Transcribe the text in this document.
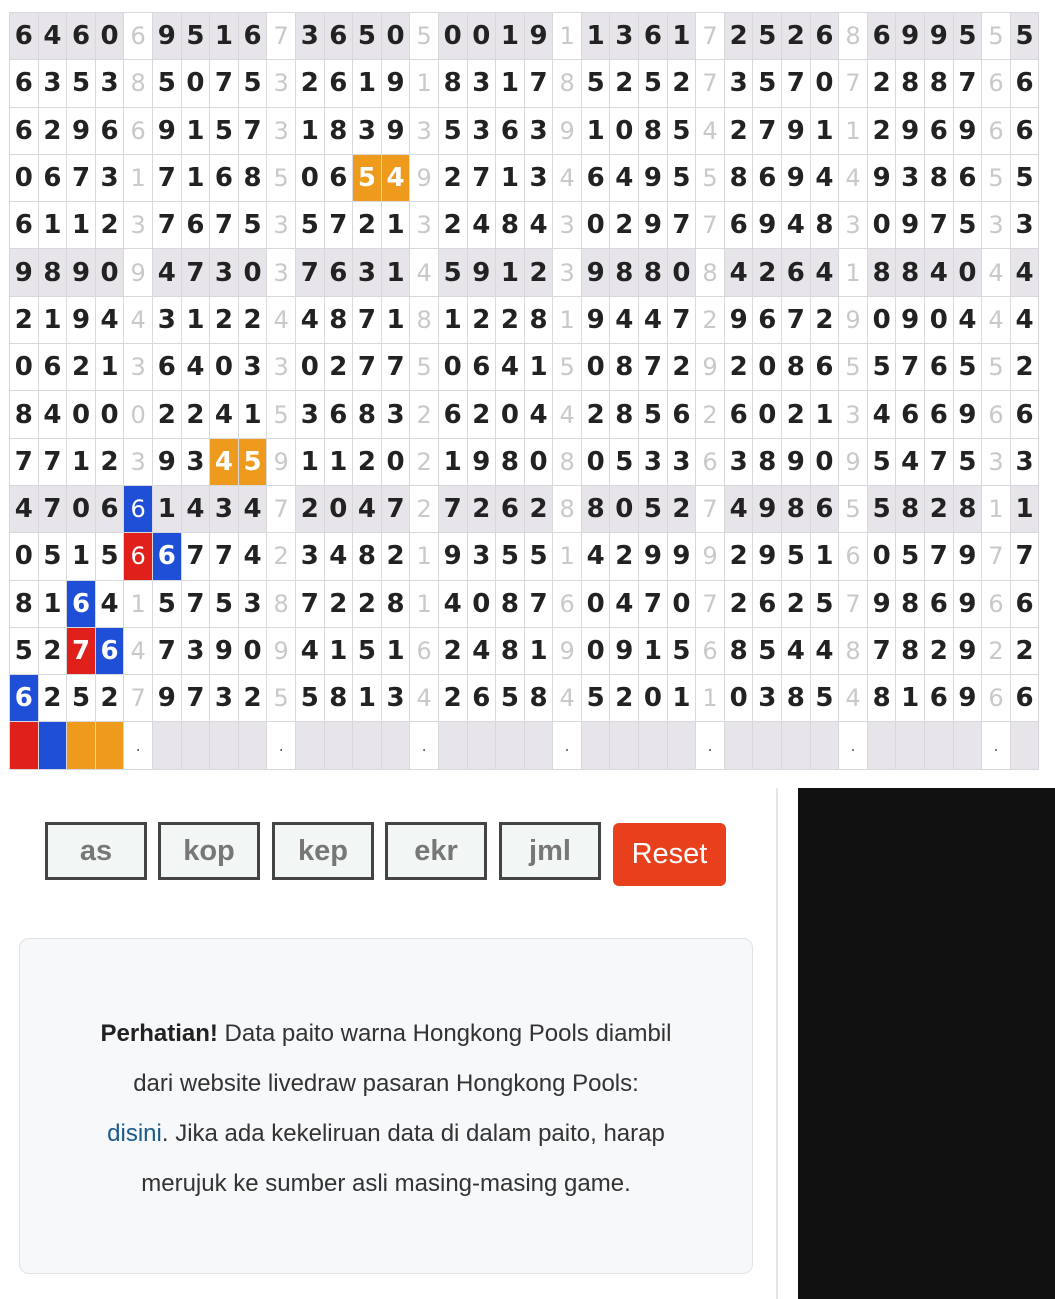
6	4	6	0	6	9	5	1	6	7	3	6	5	0	5	0	0	1	9	1	1	3	6	1	7	2	5	2	6	8	6	9	9	5	5	5
6	3	5	3	8	5	0	7	5	3	2	6	1	9	1	8	3	1	7	8	5	2	5	2	7	3	5	7	0	7	2	8	8	7	6	6
6	2	9	6	6	9	1	5	7	3	1	8	3	9	3	5	3	6	3	9	1	0	8	5	4	2	7	9	1	1	2	9	6	9	6	6
0	6	7	3	1	7	1	6	8	5	0	6	5	4	9	2	7	1	3	4	6	4	9	5	5	8	6	9	4	4	9	3	8	6	5	5
6	1	1	2	3	7	6	7	5	3	5	7	2	1	3	2	4	8	4	3	0	2	9	7	7	6	9	4	8	3	0	9	7	5	3	3
9	8	9	0	9	4	7	3	0	3	7	6	3	1	4	5	9	1	2	3	9	8	8	0	8	4	2	6	4	1	8	8	4	0	4	4
2	1	9	4	4	3	1	2	2	4	4	8	7	1	8	1	2	2	8	1	9	4	4	7	2	9	6	7	2	9	0	9	0	4	4	4
0	6	2	1	3	6	4	0	3	3	0	2	7	7	5	0	6	4	1	5	0	8	7	2	9	2	0	8	6	5	5	7	6	5	5	2
8	4	0	0	0	2	2	4	1	5	3	6	8	3	2	6	2	0	4	4	2	8	5	6	2	6	0	2	1	3	4	6	6	9	6	6
7	7	1	2	3	9	3	4	5	9	1	1	2	0	2	1	9	8	0	8	0	5	3	3	6	3	8	9	0	9	5	4	7	5	3	3
4	7	0	6	6	1	4	3	4	7	2	0	4	7	2	7	2	6	2	8	8	0	5	2	7	4	9	8	6	5	5	8	2	8	1	1
0	5	1	5	6	6	7	7	4	2	3	4	8	2	1	9	3	5	5	1	4	2	9	9	9	2	9	5	1	6	0	5	7	9	7	7
8	1	6	4	1	5	7	5	3	8	7	2	2	8	1	4	0	8	7	6	0	4	7	0	7	2	6	2	5	7	9	8	6	9	6	6
5	2	7	6	4	7	3	9	0	9	4	1	5	1	6	2	4	8	1	9	0	9	1	5	6	8	5	4	4	8	7	8	2	9	2	2
6	2	5	2	7	9	7	3	2	5	5	8	1	3	4	2	6	5	8	4	5	2	0	1	1	0	3	8	5	4	8	1	6	9	6	6
				.					.					.					.					.					.					.	
as	kop	kep	ekr	jml	Reset
Perhatian! Data paito warna Hongkong Pools diambil
dari website livedraw pasaran Hongkong Pools:
disini. Jika ada kekeliruan data di dalam paito, harap
merujuk ke sumber asli masing-masing game.
